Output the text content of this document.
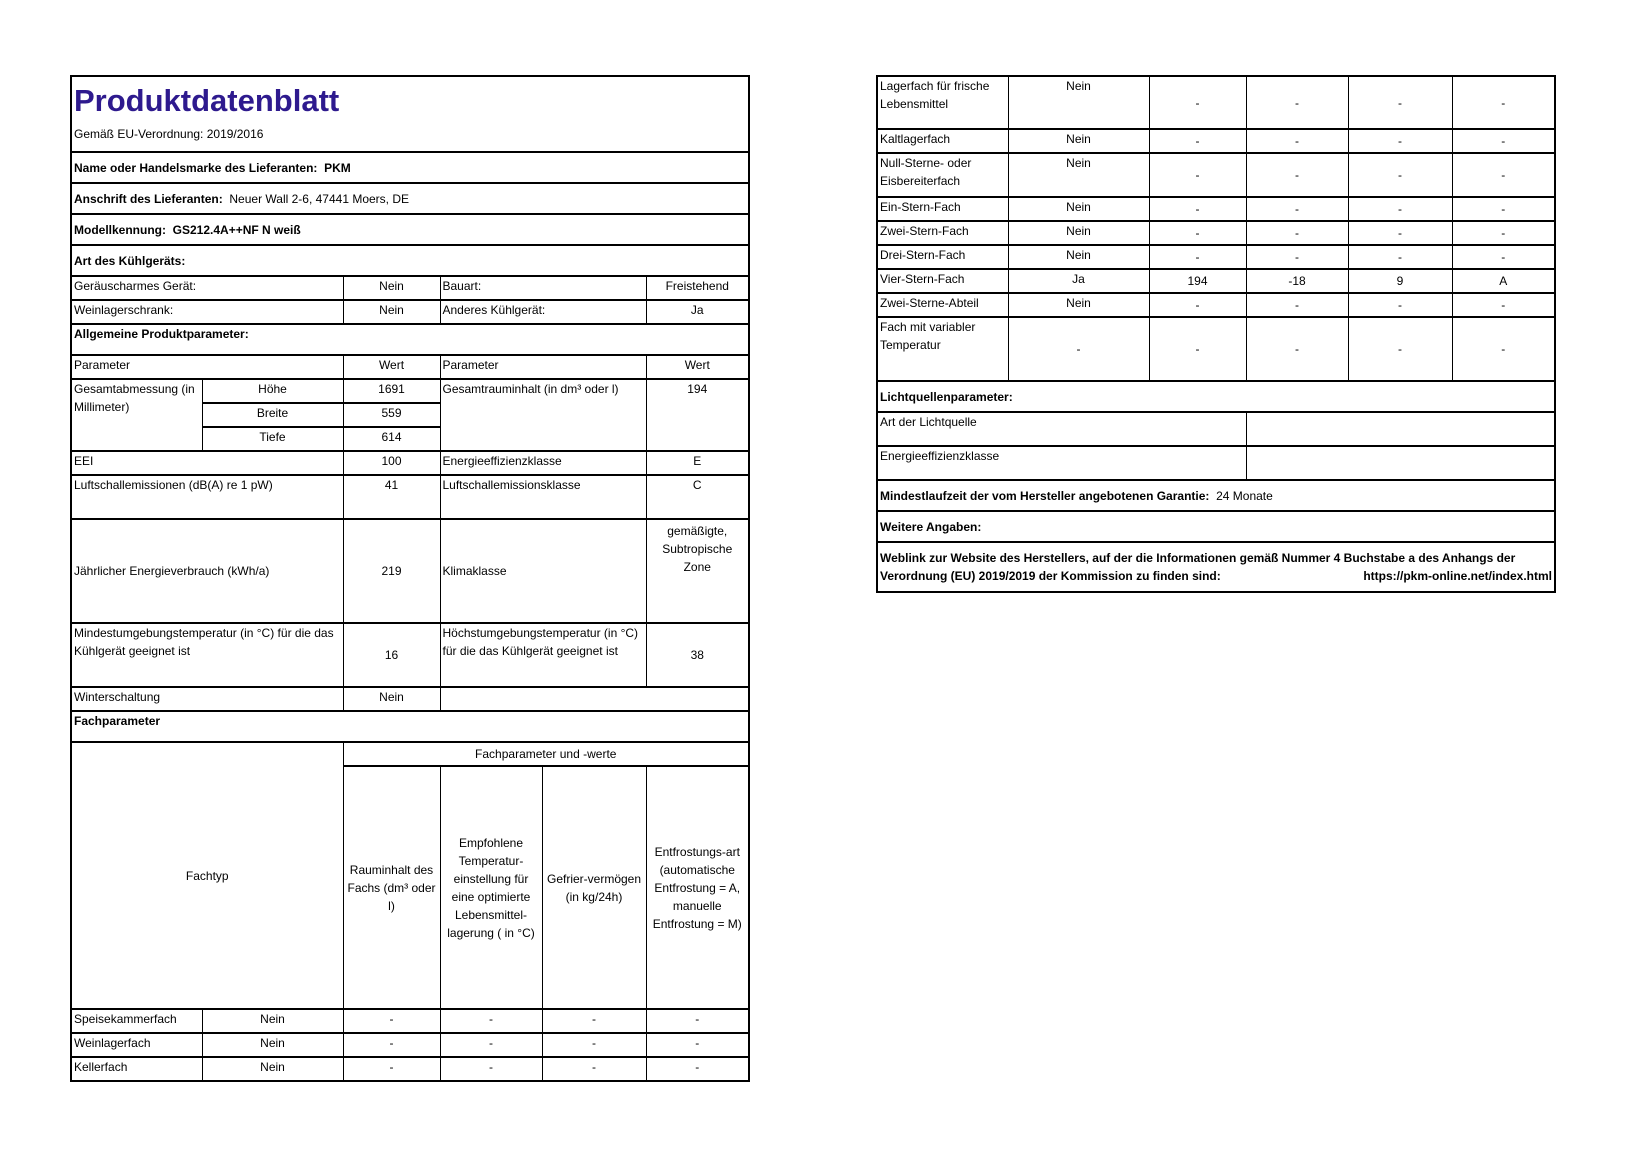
Produktdatenblatt
Gemäß EU-Verordnung: 2019/2016					

Name oder Handelsmarke des Lieferanten: PKM					
Anschrift des Lieferanten: Neuer Wall 2-6, 47441 Moers, DE					
Modellkennung: GS212.4A++NF N weiß					
Art des Kühlgeräts:					
Geräuscharmes Gerät:		Nein	Bauart:		Freistehend
Weinlagerschrank:		Nein	Anderes Kühlgerät:		Ja
Allgemeine Produktparameter:					
Parameter		Wert	Parameter		Wert
Gesamtabmessung (in Millimeter)	Höhe	1691	Gesamtrauminhalt (in dm³ oder l)		194
	Breite	559			
	Tiefe	614			
EEI		100	Energieeffizienzklasse		E
Luftschallemissionen (dB(A) re 1 pW)		41	Luftschallemissionsklasse		C
Jährlicher Energieverbrauch (kWh/a)		219	Klimaklasse		gemäßigte, Subtropische Zone
Mindestumgebungstemperatur (in °C) für die das Kühlgerät geeignet ist		16	Höchstumgebungstemperatur (in °C) für die das Kühlgerät geeignet ist		38
Winterschaltung		Nein			
Fachparameter					
Fachtyp		Fachparameter und -werte			
		Rauminhalt des Fachs (dm³ oder l)	Empfohlene Temperatur-einstellung für eine optimierte Lebensmittel-lagerung ( in °C)	Gefrier-vermögen (in kg/24h)	Entfrostungs-art (automatische Entfrostung = A, manuelle Entfrostung = M)
Speisekammerfach	Nein	-	-	-	-
Weinlagerfach	Nein	-	-	-	-
Kellerfach	Nein	-	-	-	-
Lagerfach für frische Lebensmittel	Nein	-	-	-	-
Kaltlagerfach	Nein	-	-	-	-
Null-Sterne- oder Eisbereiterfach	Nein	-	-	-	-
Ein-Stern-Fach	Nein	-	-	-	-
Zwei-Stern-Fach	Nein	-	-	-	-
Drei-Stern-Fach	Nein	-	-	-	-
Vier-Stern-Fach	Ja	194	-18	9	A
Zwei-Sterne-Abteil	Nein	-	-	-	-
Fach mit variabler Temperatur	-	-	-	-	-
Lichtquellenparameter:					
Art der Lichtquelle					
Energieeffizienzklasse					
Mindestlaufzeit der vom Hersteller angebotenen Garantie: 24 Monate					
Weitere Angaben:					
Weblink zur Website des Herstellers, auf der die Informationen gemäß Nummer 4 Buchstabe a des Anhangs der Verordnung (EU) 2019/2019 der Kommission zu finden sind: https://pkm-online.net/index.html					
